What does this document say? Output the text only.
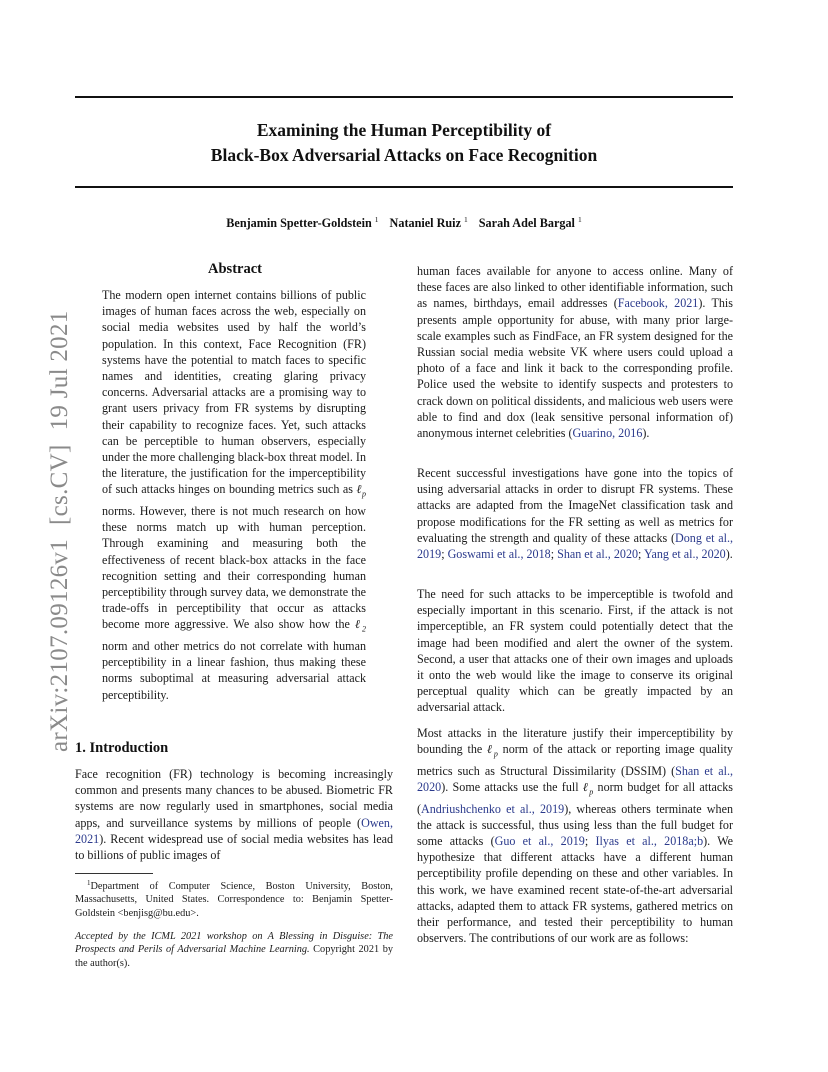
arXiv:2107.09126v1[cs.CV]19 Jul 2021
Examining the Human Perceptibility of
Black-Box Adversarial Attacks on Face Recognition
Benjamin Spetter-Goldstein $^1$ Nataniel Ruiz $^1$ Sarah Adel Bargal $^1$
Abstract
The modern open internet contains billions of public images of human faces across the web, especially on social media websites used by half the world’s population. In this context, Face Recognition (FR) systems have the potential to match faces to specific names and identities, creating glaring privacy concerns. Adversarial attacks are a promising way to grant users privacy from FR systems by disrupting their capability to recognize faces. Yet, such attacks can be perceptible to human observers, especially under the more challenging black-box threat model. In the literature, the justification for the imperceptibility of such attacks hinges on bounding metrics such as ℓ$_p$ norms. However, there is not much research on how these norms match up with human perception. Through examining and measuring both the effectiveness of recent black-box attacks in the face recognition setting and their corresponding human perceptibility through survey data, we demonstrate the trade-offs in perceptibility that occur as attacks become more aggressive. We also show how the ℓ$_2$ norm and other metrics do not correlate with human perceptibility in a linear fashion, thus making these norms suboptimal at measuring adversarial attack perceptibility.
1. Introduction
Face recognition (FR) technology is becoming increasingly common and presents many chances to be abused. Biometric FR systems are now regularly used in smartphones, social media apps, and surveillance systems by millions of people (Owen, 2021). Recent widespread use of social media websites has lead to billions of public images of
$^1$Department of Computer Science, Boston University, Boston, Massachusetts, United States. Correspondence to: Benjamin Spetter-Goldstein <benjisg@bu.edu>.
Accepted by the ICML 2021 workshop on A Blessing in Disguise: The Prospects and Perils of Adversarial Machine Learning. Copyright 2021 by the author(s).
human faces available for anyone to access online. Many of these faces are also linked to other identifiable information, such as names, birthdays, email addresses (Facebook, 2021). This presents ample opportunity for abuse, with many prior large-scale examples such as FindFace, an FR system designed for the Russian social media website VK where users could upload a photo of a face and link it back to the corresponding profile. Police used the website to identify suspects and protesters to crack down on political dissidents, and malicious web users were able to find and dox (leak sensitive personal information of) anonymous internet celebrities (Guarino, 2016).
Recent successful investigations have gone into the topics of using adversarial attacks in order to disrupt FR systems. These attacks are adapted from the ImageNet classification task and propose modifications for the FR setting as well as metrics for evaluating the strength and quality of these attacks (Dong et al., 2019; Goswami et al., 2018; Shan et al., 2020; Yang et al., 2020).
The need for such attacks to be imperceptible is twofold and especially important in this scenario. First, if the attack is not imperceptible, an FR system could potentially detect that the image had been modified and alert the owner of the system. Second, a user that attacks one of their own images and uploads it onto the web would like the image to conserve its original perceptual quality which can be greatly impacted by an adversarial attack.
Most attacks in the literature justify their imperceptibility by bounding the ℓ$_p$ norm of the attack or reporting image quality metrics such as Structural Dissimilarity (DSSIM) (Shan et al., 2020). Some attacks use the full ℓ$_p$ norm budget for all attacks (Andriushchenko et al., 2019), whereas others terminate when the attack is successful, thus using less than the full budget for some attacks (Guo et al., 2019; Ilyas et al., 2018a;b). We hypothesize that different attacks have a different human perceptibility profile depending on these and other variables. In this work, we have examined recent state-of-the-art adversarial attacks, adapted them to attack FR systems, gathered metrics on their performance, and tested their perceptibility to human observers. The contributions of our work are as follows:
